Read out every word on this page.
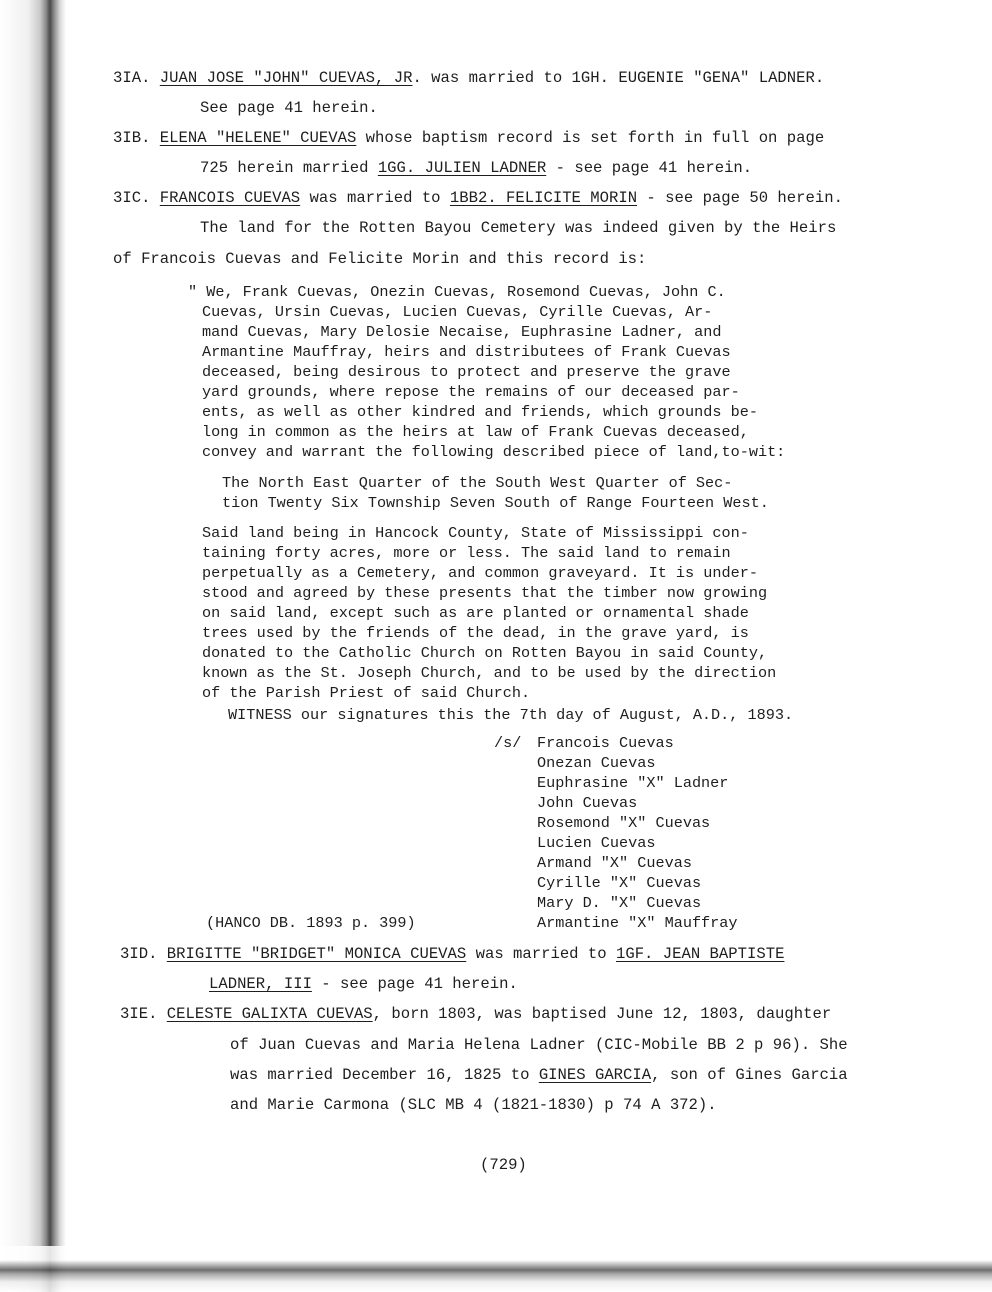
3IA. JUAN JOSE "JOHN" CUEVAS, JR. was married to 1GH. EUGENIE "GENA" LADNER.
See page 41 herein.
3IB. ELENA "HELENE" CUEVAS whose baptism record is set forth in full on page
725 herein married 1GG. JULIEN LADNER - see page 41 herein.
3IC. FRANCOIS CUEVAS was married to 1BB2. FELICITE MORIN - see page 50 herein.
The land for the Rotten Bayou Cemetery was indeed given by the Heirs
of Francois Cuevas and Felicite Morin and this record is:
" We, Frank Cuevas, Onezin Cuevas, Rosemond Cuevas, John C.
Cuevas, Ursin Cuevas, Lucien Cuevas, Cyrille Cuevas, Ar-
mand Cuevas, Mary Delosie Necaise, Euphrasine Ladner, and
Armantine Mauffray, heirs and distributees of Frank Cuevas
deceased, being desirous to protect and preserve the grave
yard grounds, where repose the remains of our deceased par-
ents, as well as other kindred and friends, which grounds be-
long in common as the heirs at law of Frank Cuevas deceased,
convey and warrant the following described piece of land,to-wit:
The North East Quarter of the South West Quarter of Sec-
tion Twenty Six Township Seven South of Range Fourteen West.
Said land being in Hancock County, State of Mississippi con-
taining forty acres, more or less. The said land to remain
perpetually as a Cemetery, and common graveyard. It is under-
stood and agreed by these presents that the timber now growing
on said land, except such as are planted or ornamental shade
trees used by the friends of the dead, in the grave yard, is
donated to the Catholic Church on Rotten Bayou in said County,
known as the St. Joseph Church, and to be used by the direction
of the Parish Priest of said Church.
WITNESS our signatures this the 7th day of August, A.D., 1893.
/s/ Francois Cuevas
Onezan Cuevas
Euphrasine "X" Ladner
John Cuevas
Rosemond "X" Cuevas
Lucien Cuevas
Armand "X" Cuevas
Cyrille "X" Cuevas
Mary D. "X" Cuevas
Armantine "X" Mauffray
(HANCO DB. 1893 p. 399)
3ID. BRIGITTE "BRIDGET" MONICA CUEVAS was married to 1GF. JEAN BAPTISTE
LADNER, III - see page 41 herein.
3IE. CELESTE GALIXTA CUEVAS, born 1803, was baptised June 12, 1803, daughter
of Juan Cuevas and Maria Helena Ladner (CIC-Mobile BB 2 p 96). She
was married December 16, 1825 to GINES GARCIA, son of Gines Garcia
and Marie Carmona (SLC MB 4 (1821-1830) p 74 A 372).
(729)
